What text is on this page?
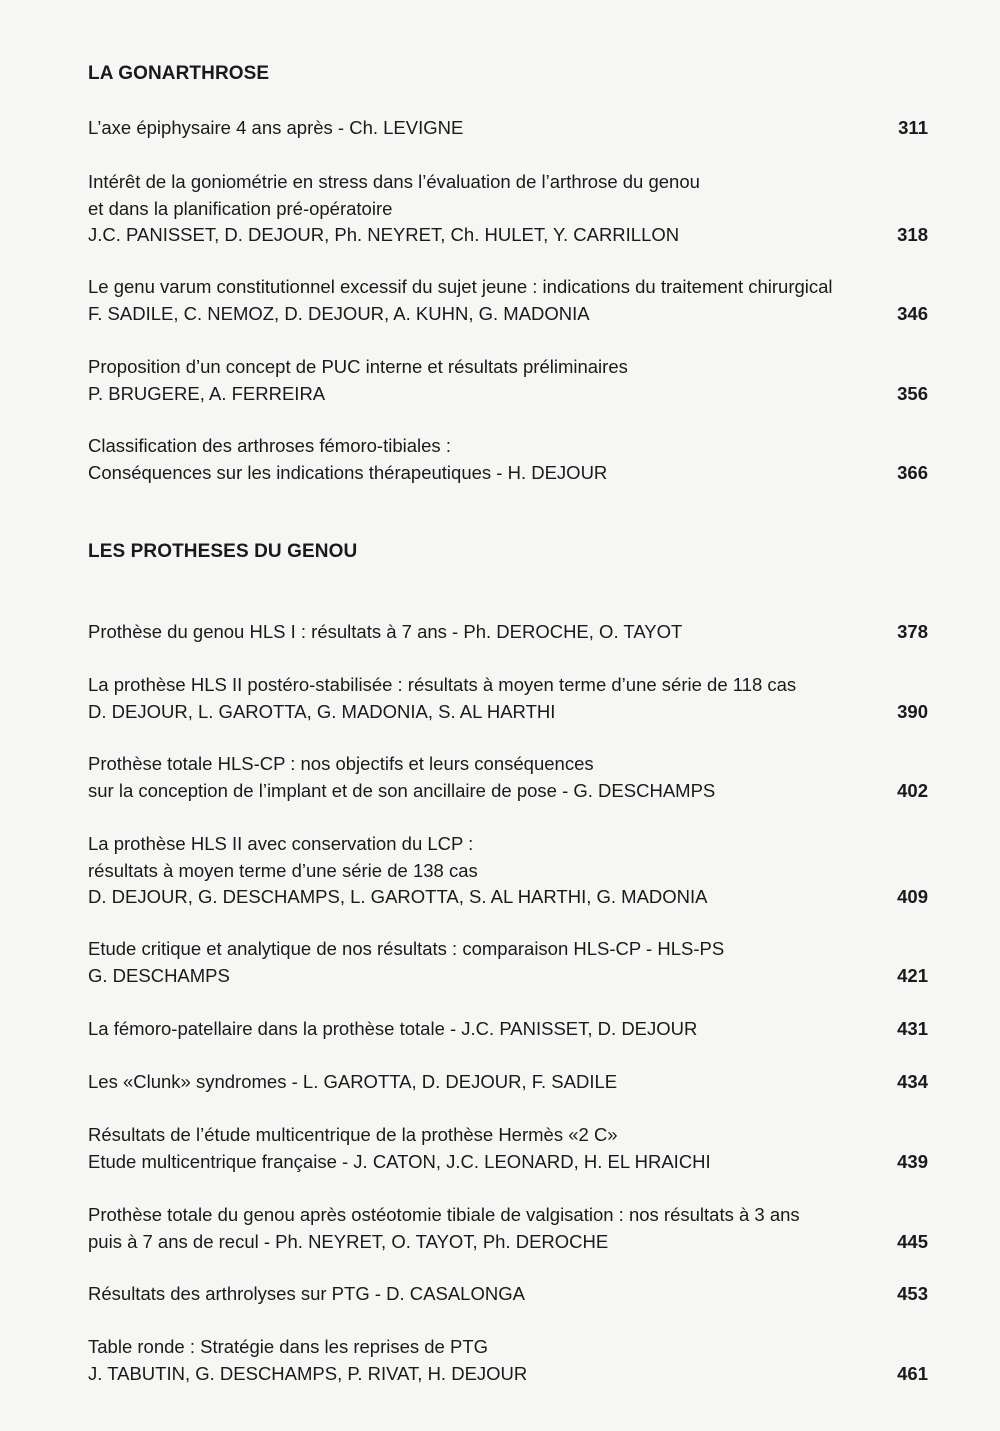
LA GONARTHROSE
L’axe épiphysaire 4 ans après - Ch. LEVIGNE	311
Intérêt de la goniométrie en stress dans l’évaluation de l’arthrose du genou
et dans la planification pré-opératoire
J.C. PANISSET, D. DEJOUR, Ph. NEYRET, Ch. HULET, Y. CARRILLON	318
Le genu varum constitutionnel excessif du sujet jeune : indications du traitement chirurgical
F. SADILE, C. NEMOZ, D. DEJOUR, A. KUHN, G. MADONIA	346
Proposition d’un concept de PUC interne et résultats préliminaires
P. BRUGERE, A. FERREIRA	356
Classification des arthroses fémoro-tibiales :
Conséquences sur les indications thérapeutiques - H. DEJOUR	366
LES PROTHESES DU GENOU
Prothèse du genou HLS I : résultats à 7 ans - Ph. DEROCHE, O. TAYOT	378
La prothèse HLS II postéro-stabilisée : résultats à moyen terme d’une série de 118 cas
D. DEJOUR, L. GAROTTA, G. MADONIA, S. AL HARTHI	390
Prothèse totale HLS-CP : nos objectifs et leurs conséquences
sur la conception de l’implant et de son ancillaire de pose - G. DESCHAMPS	402
La prothèse HLS II avec conservation du LCP :
résultats à moyen terme d’une série de 138 cas
D. DEJOUR, G. DESCHAMPS, L. GAROTTA, S. AL HARTHI, G. MADONIA	409
Etude critique et analytique de nos résultats : comparaison HLS-CP - HLS-PS
G. DESCHAMPS	421
La fémoro-patellaire dans la prothèse totale - J.C. PANISSET, D. DEJOUR	431
Les «Clunk» syndromes - L. GAROTTA, D. DEJOUR, F. SADILE	434
Résultats de l’étude multicentrique de la prothèse Hermès «2 C»
Etude multicentrique française - J. CATON, J.C. LEONARD, H. EL HRAICHI	439
Prothèse totale du genou après ostéotomie tibiale de valgisation : nos résultats à 3 ans
puis à 7 ans de recul - Ph. NEYRET, O. TAYOT, Ph. DEROCHE	445
Résultats des arthrolyses sur PTG - D. CASALONGA	453
Table ronde : Stratégie dans les reprises de PTG
J. TABUTIN, G. DESCHAMPS, P. RIVAT, H. DEJOUR	461
